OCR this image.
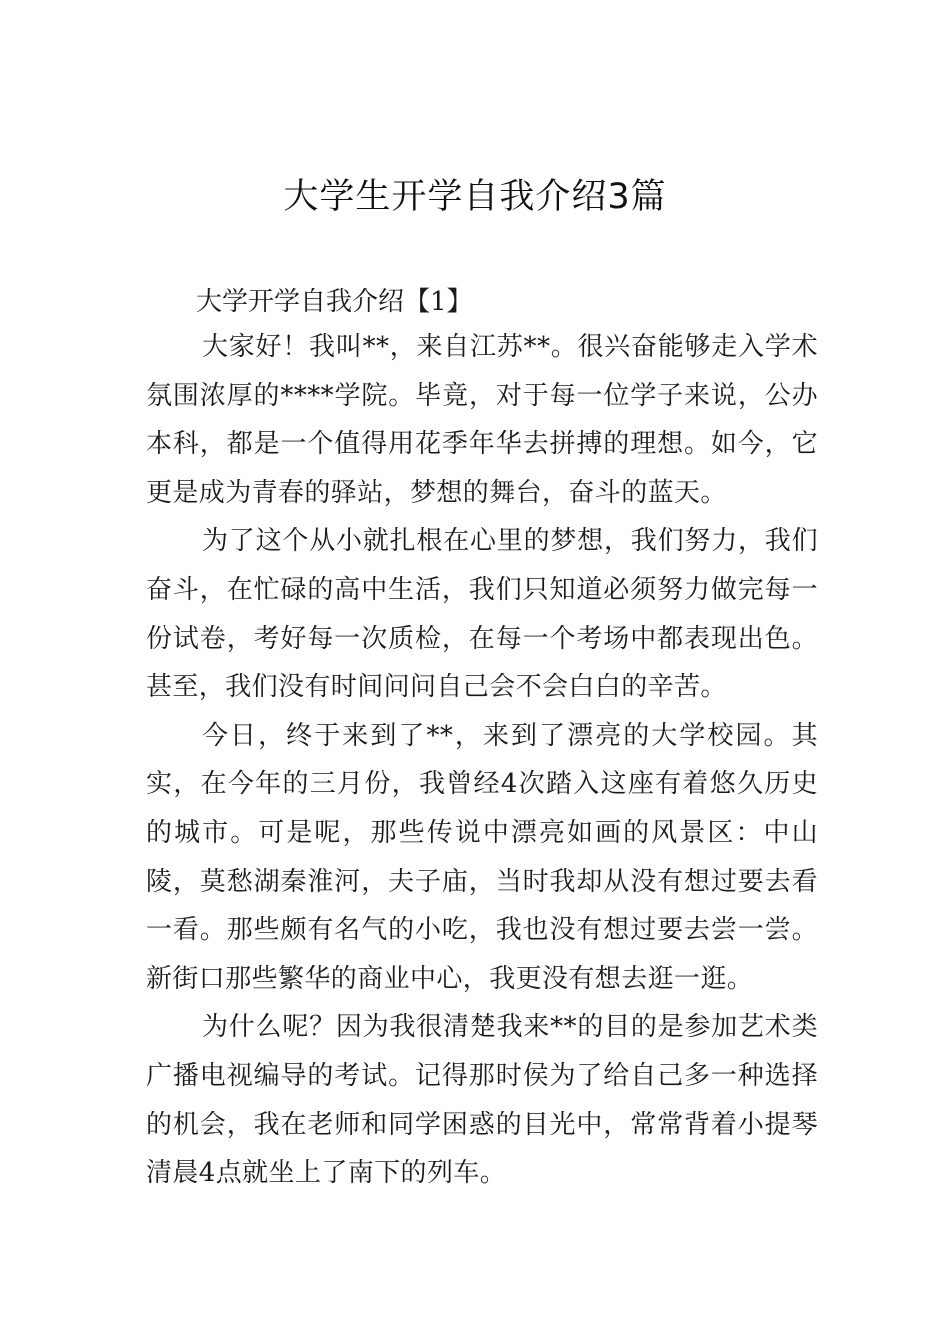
大学生开学自我介绍3篇

大学开学自我介绍【1】

大家好！我叫**，来自江苏**。很兴奋能够走入学术氛围浓厚的****学院。毕竟，对于每一位学子来说，公办本科，都是一个值得用花季年华去拼搏的理想。如今，它更是成为青春的驿站，梦想的舞台，奋斗的蓝天。

为了这个从小就扎根在心里的梦想，我们努力，我们奋斗，在忙碌的高中生活，我们只知道必须努力做完每一份试卷，考好每一次质检，在每一个考场中都表现出色。甚至，我们没有时间问问自己会不会白白的辛苦。

今日，终于来到了**，来到了漂亮的大学校园。其实，在今年的三月份，我曾经4次踏入这座有着悠久历史的城市。可是呢，那些传说中漂亮如画的风景区：中山陵，莫愁湖秦淮河，夫子庙，当时我却从没有想过要去看一看。那些颇有名气的小吃，我也没有想过要去尝一尝。新街口那些繁华的商业中心，我更没有想去逛一逛。

为什么呢？因为我很清楚我来**的目的是参加艺术类广播电视编导的考试。记得那时侯为了给自己多一种选择的机会，我在老师和同学困惑的目光中，常常背着小提琴清晨4点就坐上了南下的列车。
